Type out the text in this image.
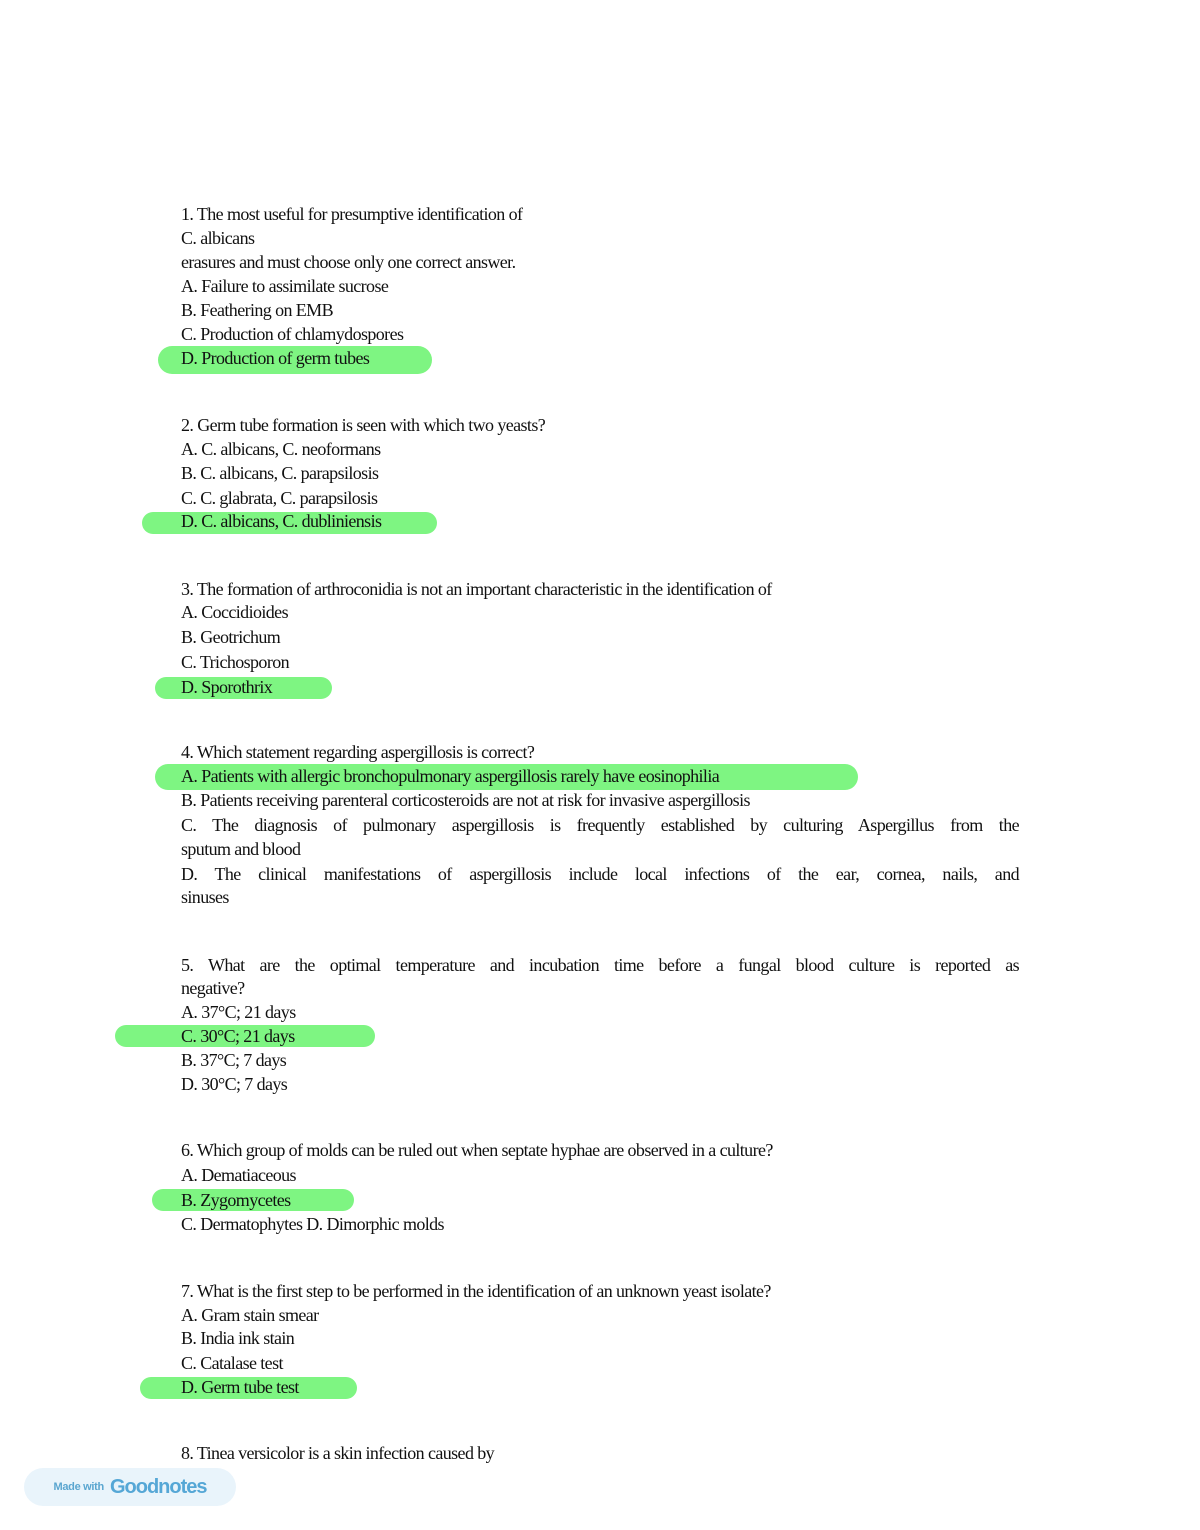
1. The most useful for presumptive identification of
C. albicans
erasures and must choose only one correct answer.
A. Failure to assimilate sucrose
B. Feathering on EMB
C. Production of chlamydospores
D. Production of germ tubes
2. Germ tube formation is seen with which two yeasts?
A. C. albicans, C. neoformans
B. C. albicans, C. parapsilosis
C. C. glabrata, C. parapsilosis
D. C. albicans, C. dubliniensis
3. The formation of arthroconidia is not an important characteristic in the identification of
A. Coccidioides
B. Geotrichum
C. Trichosporon
D. Sporothrix
4. Which statement regarding aspergillosis is correct?
A. Patients with allergic bronchopulmonary aspergillosis rarely have eosinophilia
B. Patients receiving parenteral corticosteroids are not at risk for invasive aspergillosis
C. The diagnosis of pulmonary aspergillosis is frequently established by culturing Aspergillus from the
sputum and blood
D. The clinical manifestations of aspergillosis include local infections of the ear, cornea, nails, and
sinuses
5. What are the optimal temperature and incubation time before a fungal blood culture is reported as
negative?
A. 37°C; 21 days
C. 30°C; 21 days
B. 37°C; 7 days
D. 30°C; 7 days
6. Which group of molds can be ruled out when septate hyphae are observed in a culture?
A. Dematiaceous
B. Zygomycetes
C. Dermatophytes D. Dimorphic molds
7. What is the first step to be performed in the identification of an unknown yeast isolate?
A. Gram stain smear
B. India ink stain
C. Catalase test
D. Germ tube test
8. Tinea versicolor is a skin infection caused by
Made with Goodnotes
